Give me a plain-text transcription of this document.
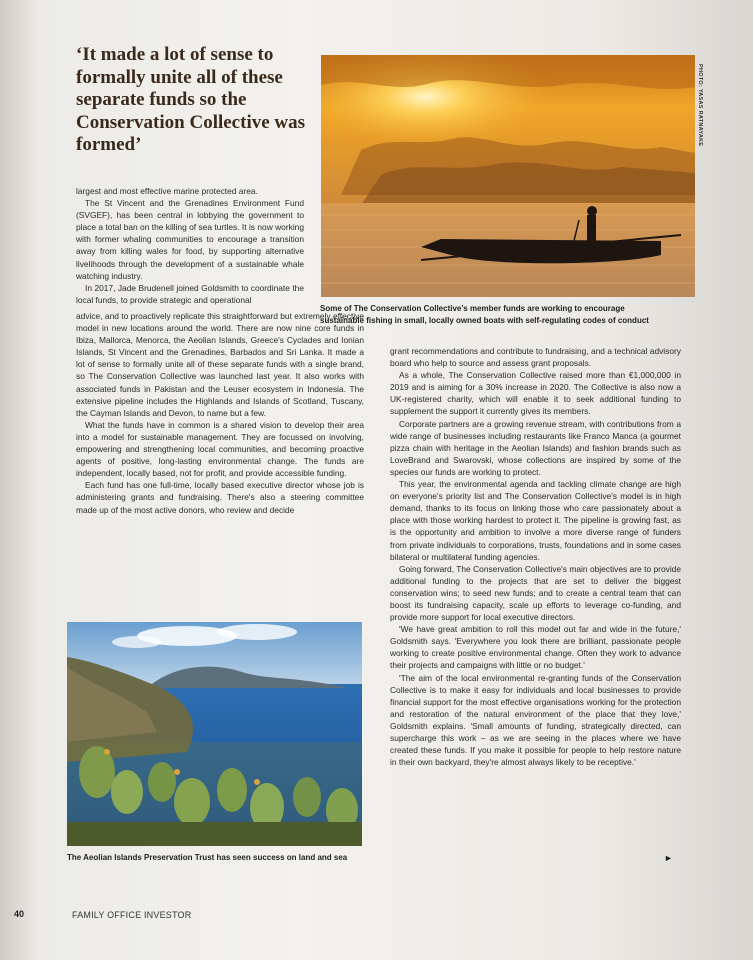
‘It made a lot of sense to formally unite all of these separate funds so the Conservation Collective was formed’	PHOTO: YASAS RATNAYAKE
Some of The Conservation Collective’s member funds are working to encourage sustainable fishing in small, locally owned boats with self-regulating codes of conduct

largest and most effective marine protected area.

The St Vincent and the Grenadines Environment Fund (SVGEF), has been central in lobbying the government to place a total ban on the killing of sea turtles. It is now working with former whaling communities to encourage a transition away from killing wales for food, by supporting alternative livelihoods through the development of a sustainable whale watching industry.

In 2017, Jade Brudenell joined Goldsmith to coordinate the local funds, to provide strategic and operational

advice, and to proactively replicate this straightforward but extremely effective model in new locations around the world. There are now nine core funds in Ibiza, Mallorca, Menorca, the Aeolian Islands, Greece's Cyclades and Ionian Islands, St Vincent and the Grenadines, Barbados and Sri Lanka. It made a lot of sense to formally unite all of these separate funds with a single brand, so The Conservation Collective was launched last year. It also works with associated funds in Pakistan and the Leuser ecosystem in Indonesia. The extensive pipeline includes the Highlands and Islands of Scotland, Tuscany, the Cayman Islands and Devon, to name but a few.

What the funds have in common is a shared vision to develop their area into a model for sustainable management. They are focussed on involving, empowering and strengthening local communities, and becoming proactive agents of positive, long-lasting environmental change. The funds are independent, locally based, not for profit, and provide accessible funding.

Each fund has one full-time, locally based executive director whose job is administering grants and fundraising. There's also a steering committee made up of the most active donors, who review and decide

grant recommendations and contribute to fundraising, and a technical advisory board who help to source and assess grant proposals.

As a whole, The Conservation Collective raised more than €1,000,000 in 2019 and is aiming for a 30% increase in 2020. The Collective is also now a UK-registered charity, which will enable it to seek additional funding to supplement the support it currently gives its members.

Corporate partners are a growing revenue stream, with contributions from a wide range of businesses including restaurants like Franco Manca (a gourmet pizza chain with heritage in the Aeolian Islands) and fashion brands such as LoveBrand and Swarovski, whose collections are inspired by some of the species our funds are working to protect.

This year, the environmental agenda and tackling climate change are high on everyone's priority list and The Conservation Collective's model is in high demand, thanks to its focus on linking those who care passionately about a place with those working hardest to protect it. The pipeline is growing fast, as is the opportunity and ambition to involve a more diverse range of funders from private individuals to corporations, trusts, foundations and in some cases bilateral or multilateral funding agencies.

Going forward, The Conservation Collective's main objectives are to provide additional funding to the projects that are set to deliver the biggest conservation wins; to seed new funds; and to create a central team that can boost its fundraising capacity, scale up efforts to leverage co-funding, and provide more support for local executive directors.

'We have great ambition to roll this model out far and wide in the future,' Goldsmith says. 'Everywhere you look there are brilliant, passionate people working to create positive environmental change. Often they work to advance their projects and campaigns with little or no budget.'

'The aim of the local environmental re-granting funds of the Conservation Collective is to make it easy for individuals and local businesses to provide financial support for the most effective organisations working for the protection and restoration of the natural environment of the place that they love,' Goldsmith explains. 'Small amounts of funding, strategically directed, can supercharge this work – as we are seeing in the places where we have created these funds. If you make it possible for people to help restore nature in their own backyard, they're almost always likely to be receptive.'

►
The Aeolian Islands Preservation Trust has seen success on land and sea
40	FAMILY OFFICE INVESTOR
